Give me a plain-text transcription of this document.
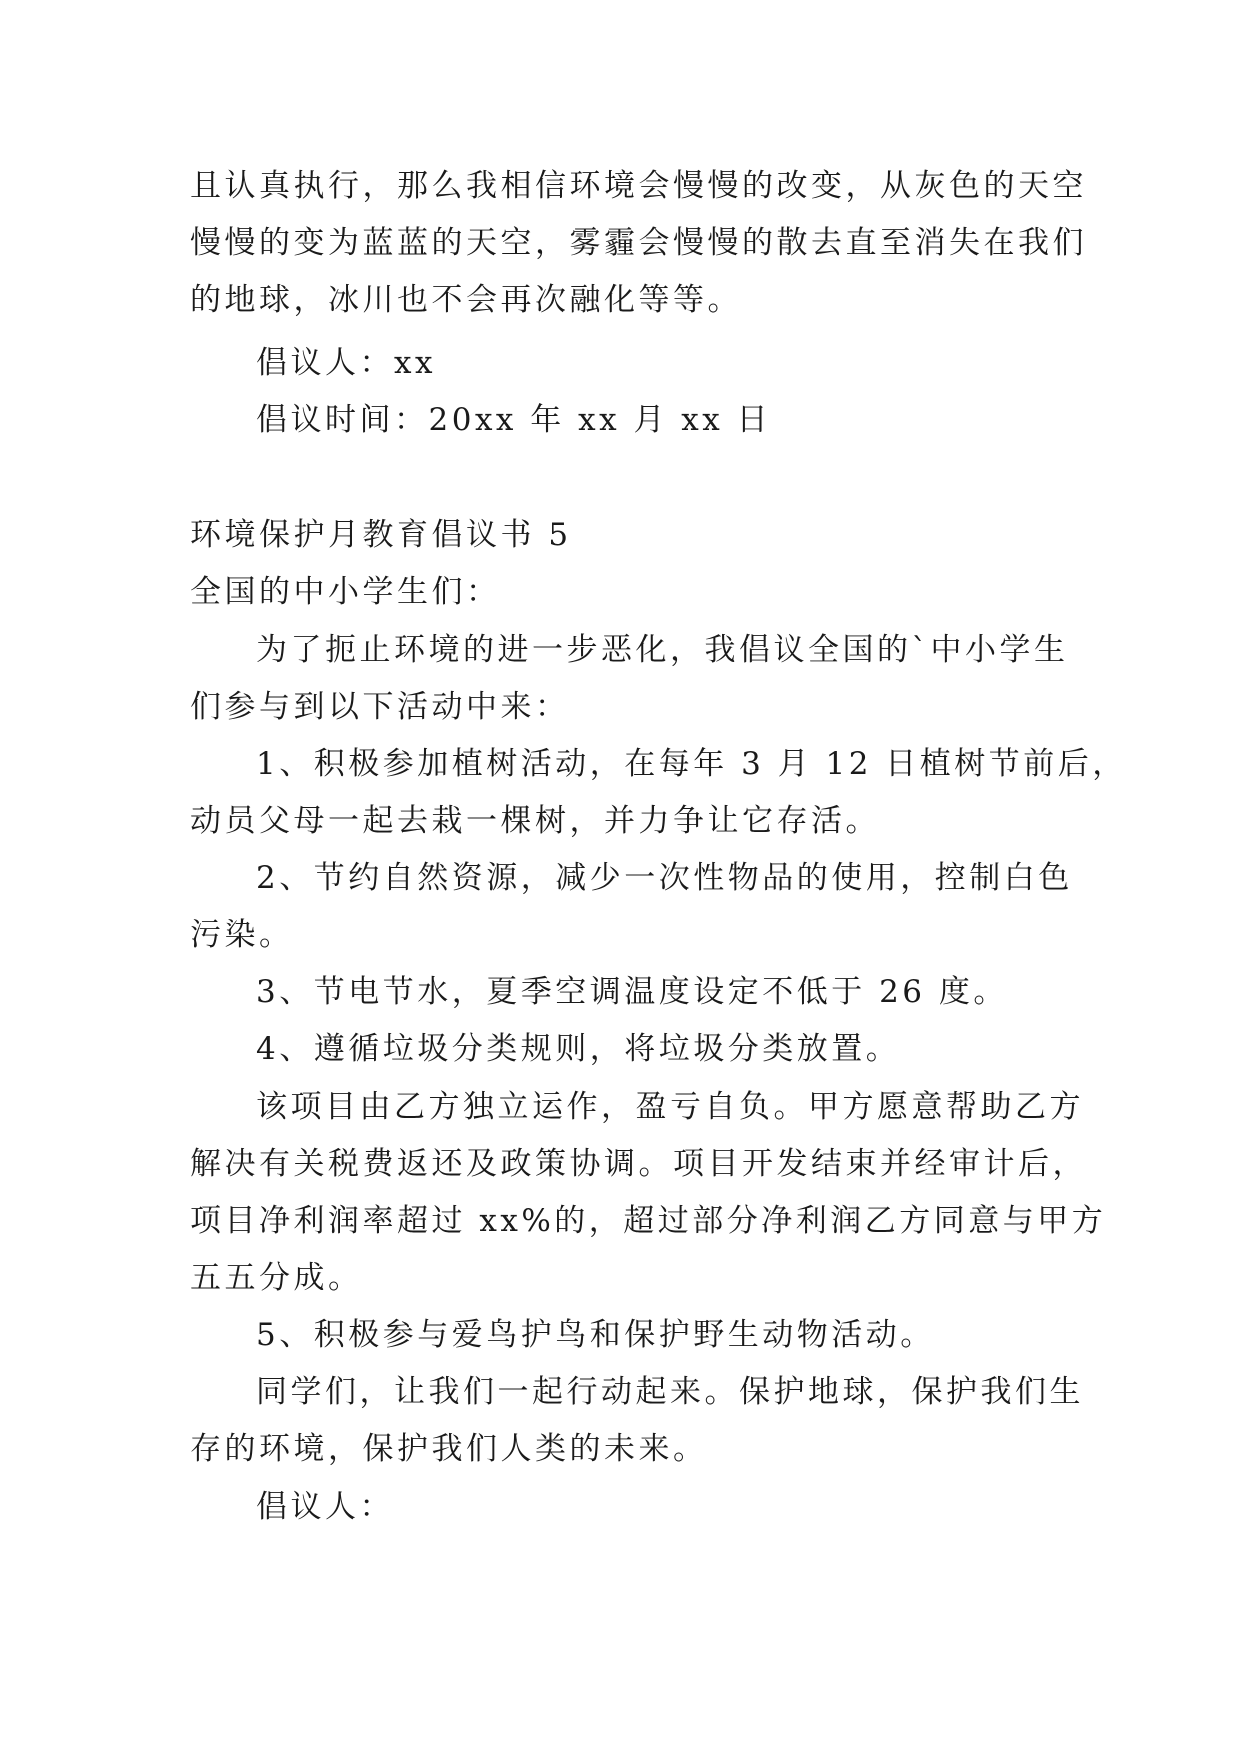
且认真执行，那么我相信环境会慢慢的改变，从灰色的天空
慢慢的变为蓝蓝的天空，雾霾会慢慢的散去直至消失在我们
的地球，冰川也不会再次融化等等。
倡议人：xx
倡议时间：20xx 年 xx 月 xx 日
环境保护月教育倡议书 5
全国的中小学生们：
为了扼止环境的进一步恶化，我倡议全国的`中小学生
们参与到以下活动中来：
1、积极参加植树活动，在每年 3 月 12 日植树节前后，
动员父母一起去栽一棵树，并力争让它存活。
2、节约自然资源，减少一次性物品的使用，控制白色
污染。
3、节电节水，夏季空调温度设定不低于 26 度。
4、遵循垃圾分类规则，将垃圾分类放置。
该项目由乙方独立运作，盈亏自负。甲方愿意帮助乙方
解决有关税费返还及政策协调。项目开发结束并经审计后，
项目净利润率超过 xx%的，超过部分净利润乙方同意与甲方
五五分成。
5、积极参与爱鸟护鸟和保护野生动物活动。
同学们，让我们一起行动起来。保护地球，保护我们生
存的环境，保护我们人类的未来。
倡议人：
